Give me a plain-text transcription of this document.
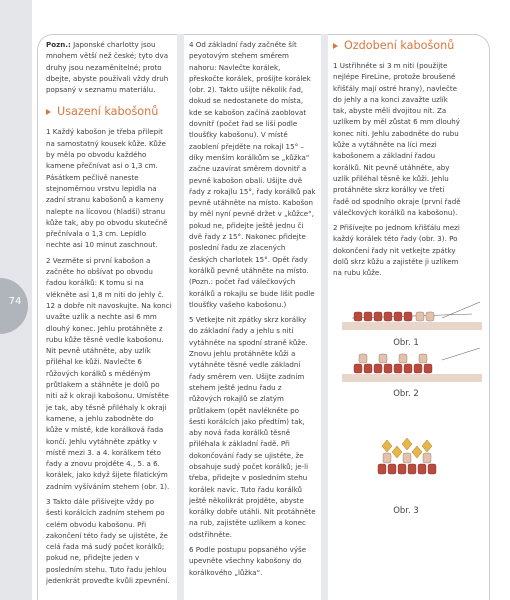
74

Pozn.: Japonské charlotty jsou mnohem větší než české; tyto dva druhy jsou nezaměnitelné; proto dbejte, abyste používali vždy druh popsaný v seznamu materiálu.

Usazení kabošonů

1 Každý kabošon je třeba přilepit na samostatný kousek kůže. Kůže by měla po obvodu každého kamene přečnívat asi o 1,3 cm. Pásátkem pečlivě naneste stejnoměrnou vrstvu lepidla na zadní stranu kabošonů a kameny nalepte na lícovou (hladší) stranu kůže tak, aby po obvodu skutečně přečnívala o 1,3 cm. Lepidlo nechte asi 10 minut zaschnout.

2 Vezměte si první kabošon a začněte ho obšívat po obvodu řadou korálků: K tomu si na vlékněte asi 1,8 m niti do jehly č. 12 a dobře nit navoskujte. Na konci uvažte uzlík a nechte asi 6 mm dlouhý konec. Jehlu protáhněte z rubu kůže těsně vedle kabošonu. Nit pevně utáhněte, aby uzlík přiléhal ke kůži. Navlečte 6 růžových korálků s měděným průtlakem a stáhněte je dolů po niti až k okraji kabošonu. Umístěte je tak, aby těsně přiléhaly k okraji kamene, a jehlu zabodněte do kůže v místě, kde korálková řada končí. Jehlu vytáhněte zpátky v místě mezi 3. a 4. korálkem této řady a znovu projděte 4., 5. a 6. korálek, jako když šijete filatickým zadním vyšíváním stehem (obr. 1).

3 Takto dále přišívejte vždy po šesti korálcích zadním stehem po celém obvodu kabošonu. Při zakončení této řady se ujistěte, že celá řada má sudý počet korálků; pokud ne, přidejte jeden v posledním stehu. Tuto řadu jehlou jedenkrát proveďte kvůli zpevnění.

4 Od základní řady začněte šít peyotovým stehem směrem nahoru: Navlečte korálek, přeskočte korálek, prošijte korálek (obr. 2). Takto ušijte několik řad, dokud se nedostanete do místa, kde se kabošon začíná zaoblovat dovnitř (počet řad se liší podle tloušťky kabošonu). V místě zaoblení přejděte na rokajl 15° – díky menším korálkům se „kůžka“ začne uzavírat směrem dovnitř a pevně kabošon obalí. Ušijte dvě řady z rokajlu 15°, řady korálků pak pevně utáhněte na místo. Kabošon by měl nyní pevně držet v „kůžce“, pokud ne, přidejte ještě jednu či dvě řady z 15°. Nakonec přidejte poslední řadu ze zlacených českých charlotek 15°. Opět řady korálků pevně utáhněte na místo. (Pozn.: počet řad válečkových korálků a rokajlu se bude lišit podle tloušťky vašeho kabošonu.)

5 Vetkejte nit zpátky skrz korálky do základní řady a jehlu s nití vytáhněte na spodní straně kůže. Znovu jehlu protáhněte kůži a vytáhněte těsně vedle základní řady směrem ven. Ušijte zadním stehem ještě jednu řadu z růžových rokajlů se zlatým průtlakem (opět navlékněte po šesti korálcích jako předtím) tak, aby nová řada korálků těsně přiléhala k základní řadě. Při dokončování řady se ujistěte, že obsahuje sudý počet korálků; je-li třeba, přidejte v posledním stehu korálek navíc. Tuto řadu korálků ještě několikrát projděte, abyste korálky dobře utáhli. Nit protáhněte na rub, zajistěte uzlíkem a konec odstřihněte.

6 Podle postupu popsaného výše upevněte všechny kabošony do korálkového „lůžka“.

Ozdobení kabošonů

1 Ustřihněte si 3 m niti (použijte nejlépe FireLine, protože broušené křišťály mají ostré hrany), navlečte do jehly a na konci zavažte uzlík tak, abyste měli dvojitou nit. Za uzlíkem by měl zůstat 6 mm dlouhý konec niti. Jehlu zabodněte do rubu kůže a vytáhněte na líci mezi kabošonem a základní řadou korálků. Nit pevně utáhněte, aby uzlík přiléhal těsně ke kůži. Jehlu protáhněte skrz korálky ve třetí řadě od spodního okraje (první řadě válečkových korálků na kabošonu).

2 Přišívejte po jednom křišťálu mezi každý korálek této řady (obr. 3). Po dokončení řady nit vetkejte zpátky dolů skrz kůžu a zajistěte ji uzlíkem na rubu kůže.

Obr. 1
Obr. 2
Obr. 3
